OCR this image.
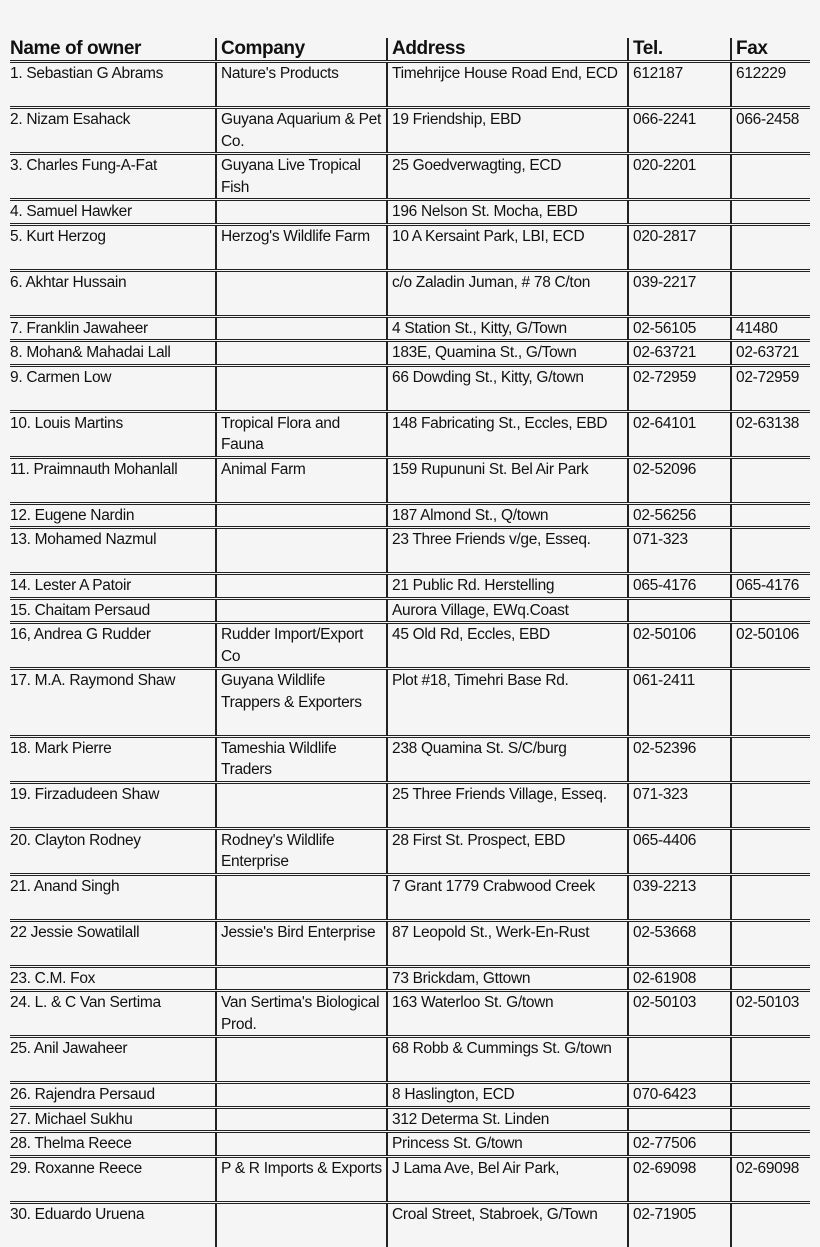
Name of owner	Company	Address	Tel.	Fax
1. Sebastian G Abrams	Nature's Products	Timehrijce House Road End, ECD	612187	612229
2. Nizam Esahack	Guyana Aquarium & Pet Co.	19 Friendship, EBD	066-2241	066-2458
3. Charles Fung-A-Fat	Guyana Live Tropical Fish	25 Goedverwagting, ECD	020-2201	
4. Samuel Hawker		196 Nelson St. Mocha, EBD		
5. Kurt Herzog	Herzog's Wildlife Farm	10 A Kersaint Park, LBI, ECD	020-2817	
6. Akhtar Hussain		c/o Zaladin Juman, # 78 C/ton	039-2217	
7. Franklin Jawaheer		4 Station St., Kitty, G/Town	02-56105	41480
8. Mohan& Mahadai Lall		183E, Quamina St., G/Town	02-63721	02-63721
9. Carmen Low		66 Dowding St., Kitty, G/town	02-72959	02-72959
10. Louis Martins	Tropical Flora and Fauna	148 Fabricating St., Eccles, EBD	02-64101	02-63138
11. Praimnauth Mohanlall	Animal Farm	159 Rupununi St. Bel Air Park	02-52096	
12. Eugene Nardin		187 Almond St., Q/town	02-56256	
13. Mohamed Nazmul		23 Three Friends v/ge, Esseq.	071-323	
14. Lester A Patoir		21 Public Rd. Herstelling	065-4176	065-4176
15. Chaitam Persaud		Aurora Village, EWq.Coast		
16, Andrea G Rudder	Rudder Import/Export Co	45 Old Rd, Eccles, EBD	02-50106	02-50106
17. M.A. Raymond Shaw	Guyana Wildlife Trappers & Exporters	Plot #18, Timehri Base Rd.	061-2411	
18. Mark Pierre	Tameshia Wildlife Traders	238 Quamina St. S/C/burg	02-52396	
19. Firzadudeen Shaw		25 Three Friends Village, Esseq.	071-323	
20. Clayton Rodney	Rodney's Wildlife Enterprise	28 First St. Prospect, EBD	065-4406	
21. Anand Singh		7 Grant 1779 Crabwood Creek	039-2213	
22 Jessie Sowatilall	Jessie's Bird Enterprise	87 Leopold St., Werk-En-Rust	02-53668	
23. C.M. Fox		73 Brickdam, Gttown	02-61908	
24. L. & C Van Sertima	Van Sertima's Biological Prod.	163 Waterloo St. G/town	02-50103	02-50103
25. Anil Jawaheer		68 Robb & Cummings St. G/town		
26. Rajendra Persaud		8 Haslington, ECD	070-6423	
27. Michael Sukhu		312 Determa St. Linden		
28. Thelma Reece		Princess St. G/town	02-77506	
29. Roxanne Reece	P & R Imports & Exports	J Lama Ave, Bel Air Park,	02-69098	02-69098
30. Eduardo Uruena		Croal Street, Stabroek, G/Town	02-71905	
